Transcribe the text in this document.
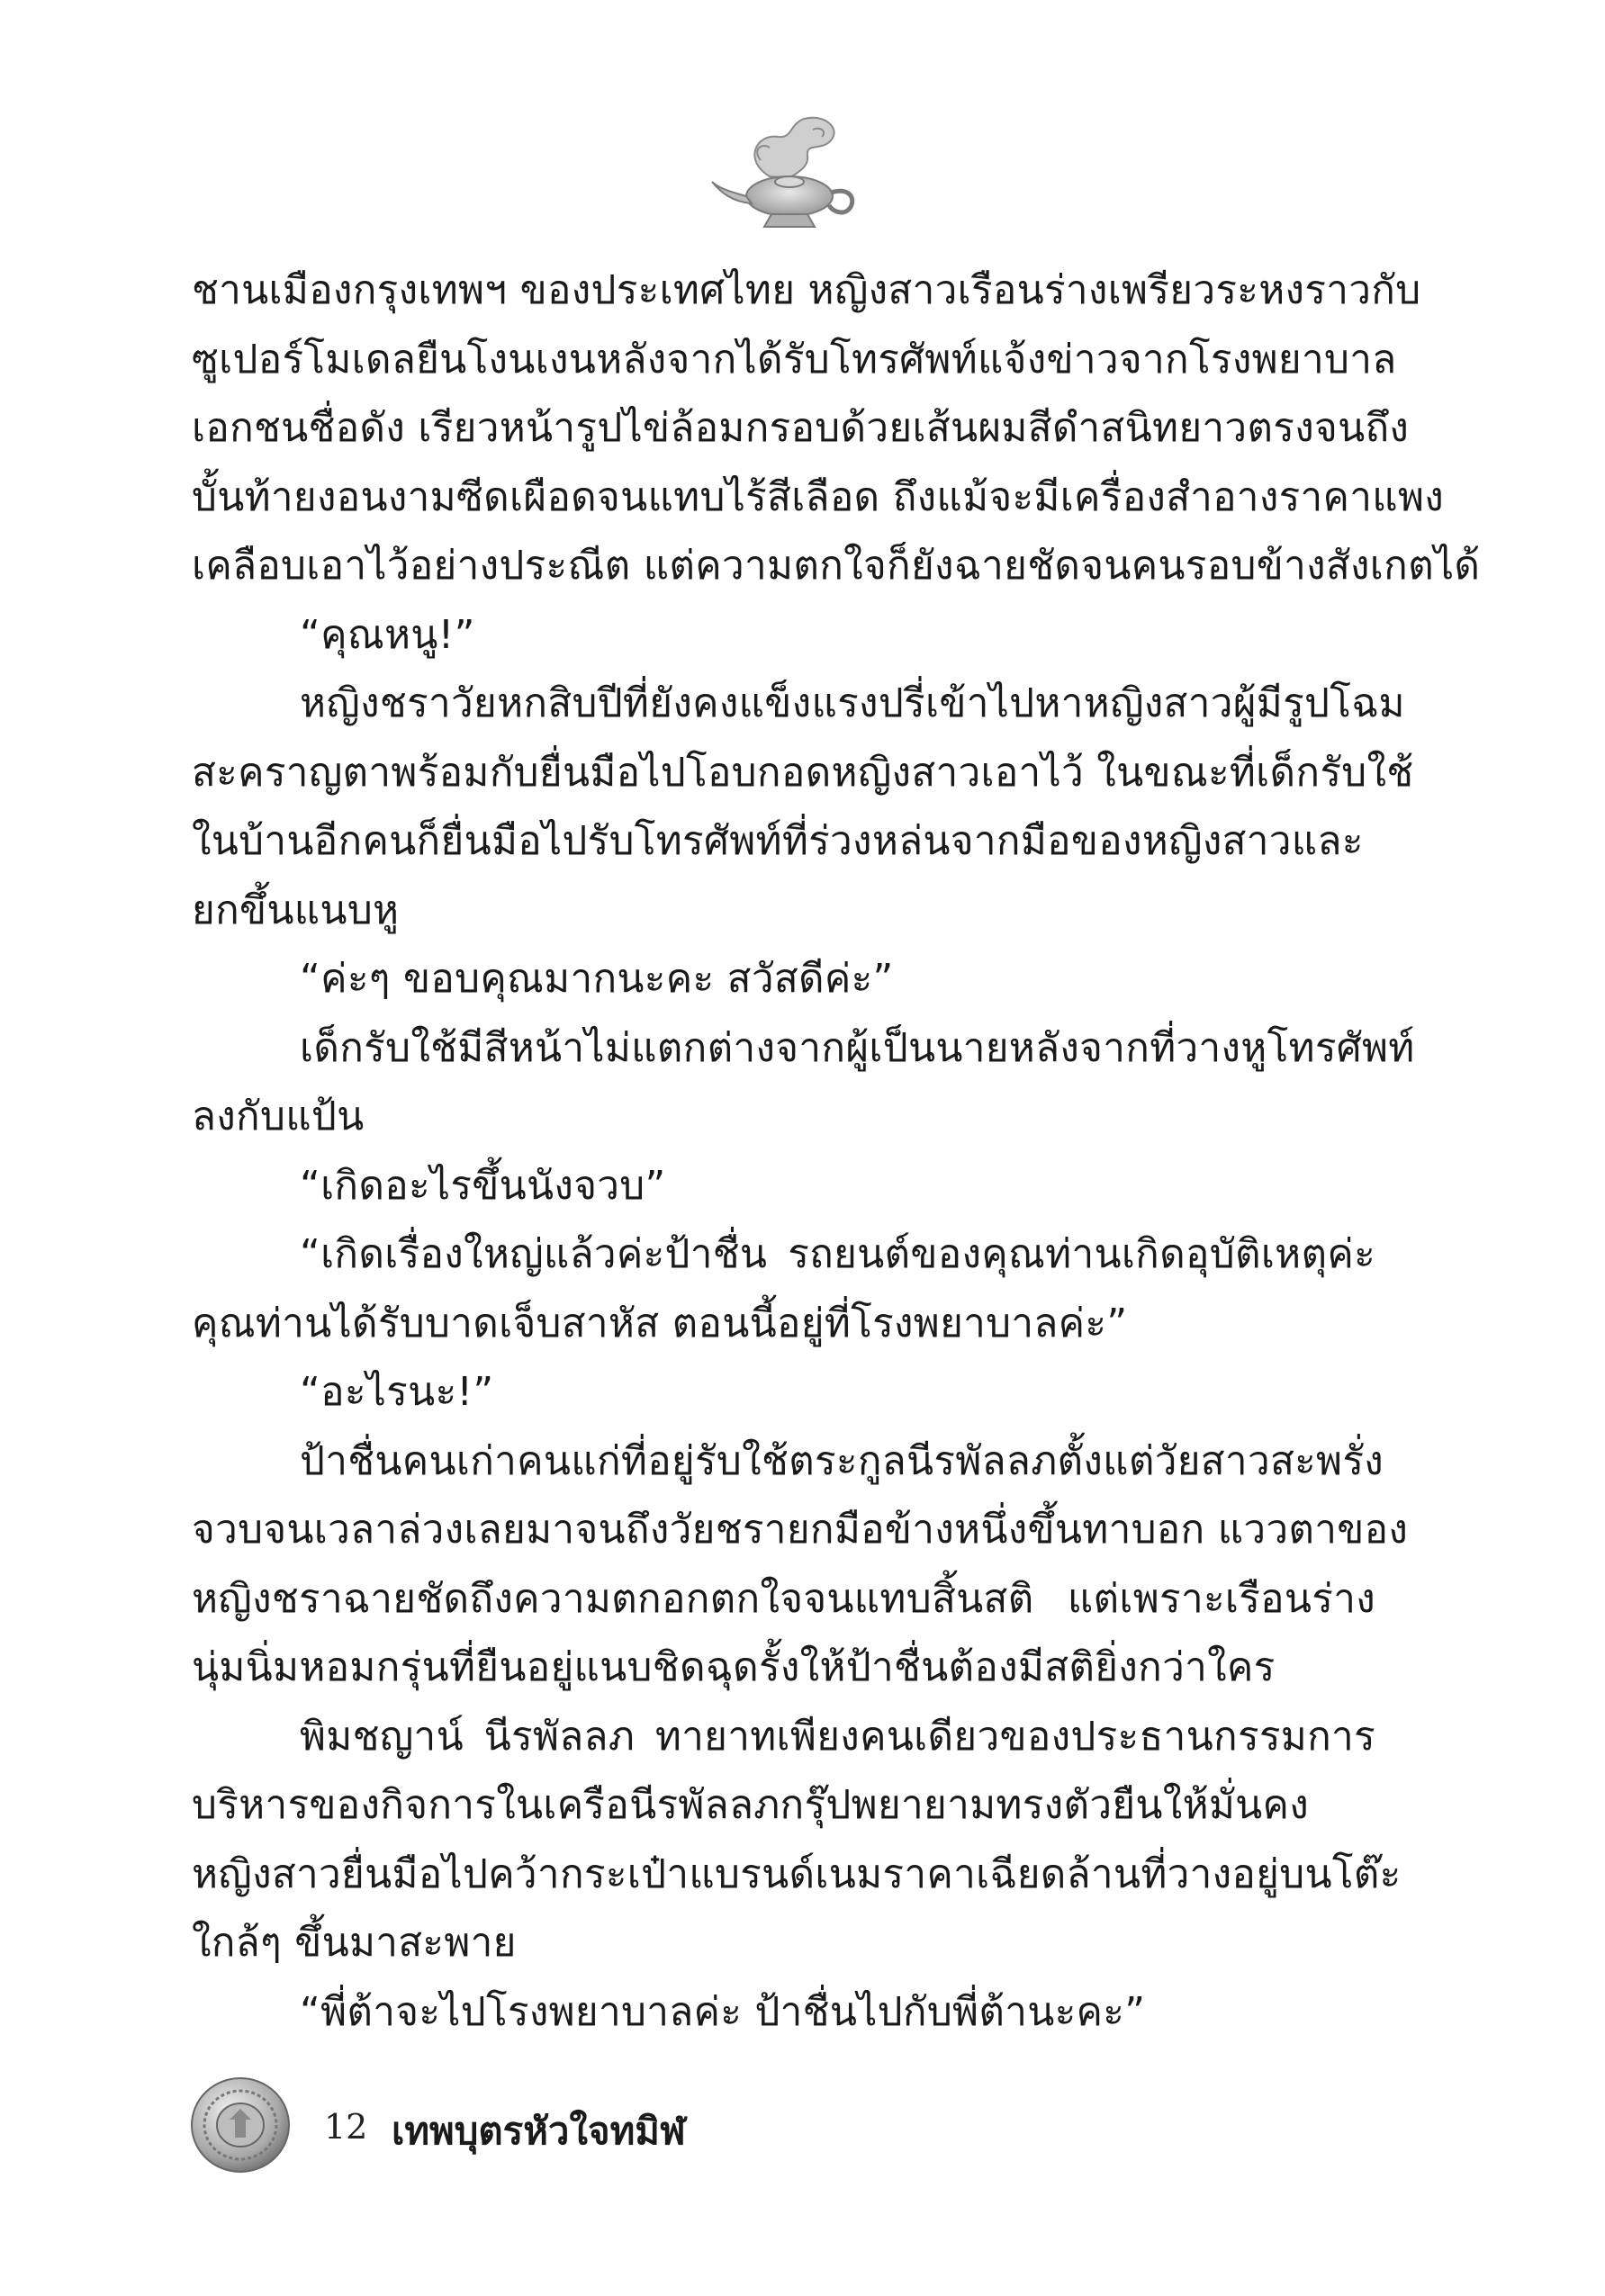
ชานเมืองกรุงเทพฯ ของประเทศไทย หญิงสาวเรือนร่างเพรียวระหงราวกับ
ซูเปอร์โมเดลยืนโงนเงนหลังจากได้รับโทรศัพท์แจ้งข่าวจากโรงพยาบาล
เอกชนชื่อดัง เรียวหน้ารูปไข่ล้อมกรอบด้วยเส้นผมสีดำสนิทยาวตรงจนถึง
บั้นท้ายงอนงามซีดเผือดจนแทบไร้สีเลือด ถึงแม้จะมีเครื่องสำอางราคาแพง
เคลือบเอาไว้อย่างประณีต แต่ความตกใจก็ยังฉายชัดจนคนรอบข้างสังเกตได้
“คุณหนู!”
หญิงชราวัยหกสิบปีที่ยังคงแข็งแรงปรี่เข้าไปหาหญิงสาวผู้มีรูปโฉม
สะคราญตาพร้อมกับยื่นมือไปโอบกอดหญิงสาวเอาไว้ ในขณะที่เด็กรับใช้
ในบ้านอีกคนก็ยื่นมือไปรับโทรศัพท์ที่ร่วงหล่นจากมือของหญิงสาวและ
ยกขึ้นแนบหู
“ค่ะๆ ขอบคุณมากนะคะ สวัสดีค่ะ”
เด็กรับใช้มีสีหน้าไม่แตกต่างจากผู้เป็นนายหลังจากที่วางหูโทรศัพท์
ลงกับแป้น
“เกิดอะไรขึ้นนังจวบ”
“เกิดเรื่องใหญ่แล้วค่ะป้าชื่น รถยนต์ของคุณท่านเกิดอุบัติเหตุค่ะ
คุณท่านได้รับบาดเจ็บสาหัส ตอนนี้อยู่ที่โรงพยาบาลค่ะ”
“อะไรนะ!”
ป้าชื่นคนเก่าคนแก่ที่อยู่รับใช้ตระกูลนีรพัลลภตั้งแต่วัยสาวสะพรั่ง
จวบจนเวลาล่วงเลยมาจนถึงวัยชรายกมือข้างหนึ่งขึ้นทาบอก แววตาของ
หญิงชราฉายชัดถึงความตกอกตกใจจนแทบสิ้นสติ แต่เพราะเรือนร่าง
นุ่มนิ่มหอมกรุ่นที่ยืนอยู่แนบชิดฉุดรั้งให้ป้าชื่นต้องมีสติยิ่งกว่าใคร
พิมชญาน์ นีรพัลลภ ทายาทเพียงคนเดียวของประธานกรรมการ
บริหารของกิจการในเครือนีรพัลลภกรุ๊ปพยายามทรงตัวยืนให้มั่นคง
หญิงสาวยื่นมือไปคว้ากระเป๋าแบรนด์เนมราคาเฉียดล้านที่วางอยู่บนโต๊ะ
ใกล้ๆ ขึ้นมาสะพาย
“พี่ต้าจะไปโรงพยาบาลค่ะ ป้าชื่นไปกับพี่ต้านะคะ”
12 เทพบุตรหัวใจทมิฬ
